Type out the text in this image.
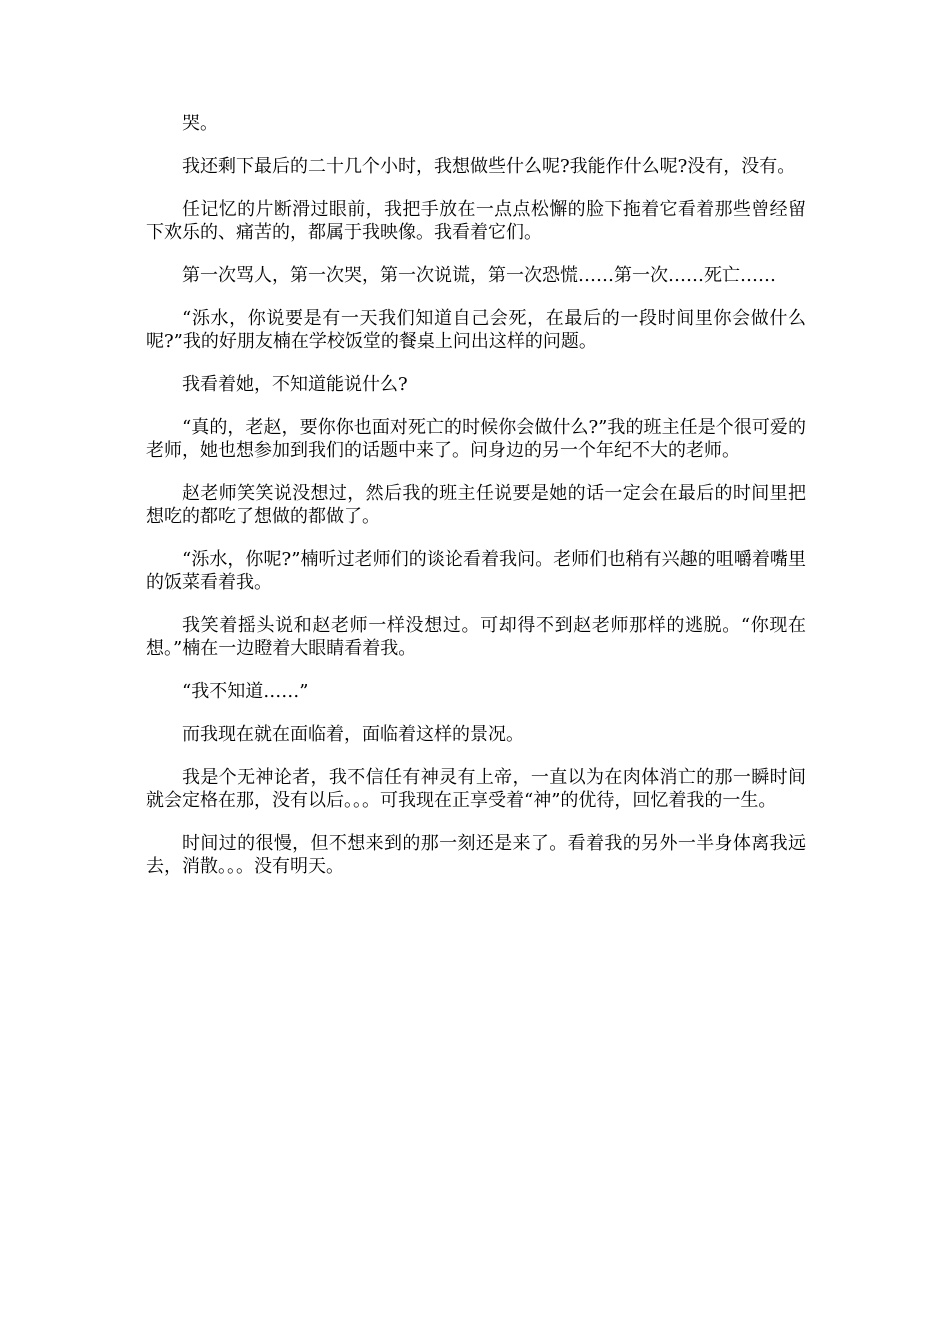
哭。

我还剩下最后的二十几个小时，我想做些什么呢?我能作什么呢?没有，没有。

任记忆的片断滑过眼前，我把手放在一点点松懈的脸下拖着它看着那些曾经留下欢乐的、痛苦的，都属于我映像。我看着它们。

第一次骂人，第一次哭，第一次说谎，第一次恐慌……第一次……死亡……

“泺水，你说要是有一天我们知道自己会死，在最后的一段时间里你会做什么呢?”我的好朋友楠在学校饭堂的餐桌上问出这样的问题。

我看着她，不知道能说什么?

“真的，老赵，要你你也面对死亡的时候你会做什么?”我的班主任是个很可爱的老师，她也想参加到我们的话题中来了。问身边的另一个年纪不大的老师。

赵老师笑笑说没想过，然后我的班主任说要是她的话一定会在最后的时间里把想吃的都吃了想做的都做了。

“泺水，你呢?”楠听过老师们的谈论看着我问。老师们也稍有兴趣的咀嚼着嘴里的饭菜看着我。

我笑着摇头说和赵老师一样没想过。可却得不到赵老师那样的逃脱。“你现在想。”楠在一边瞪着大眼睛看着我。

“我不知道……”

而我现在就在面临着，面临着这样的景况。

我是个无神论者，我不信任有神灵有上帝，一直以为在肉体消亡的那一瞬时间就会定格在那，没有以后。。。可我现在正享受着“神”的优待，回忆着我的一生。

时间过的很慢，但不想来到的那一刻还是来了。看着我的另外一半身体离我远去，消散。。。没有明天。
